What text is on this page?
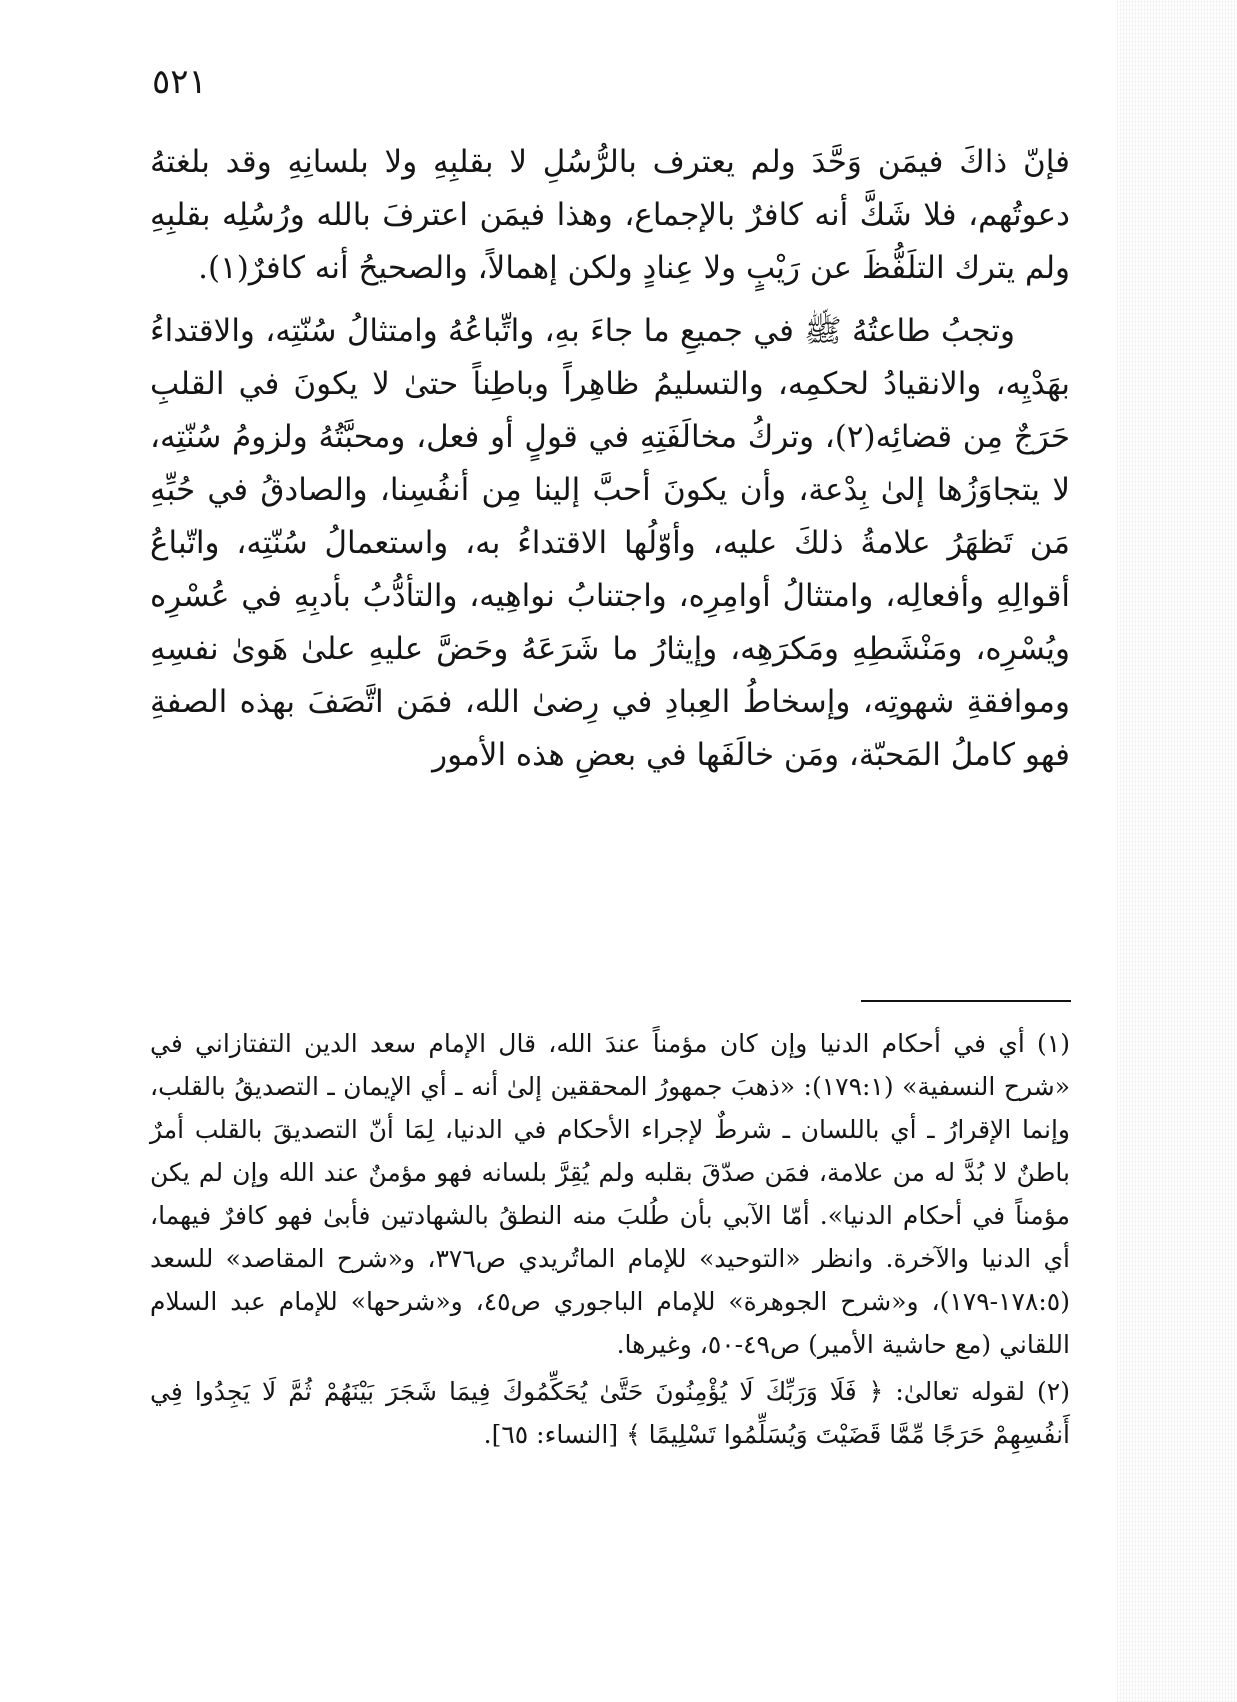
٥٢١

فإنّ ذاكَ فيمَن وَحَّدَ ولم يعترف بالرُّسُلِ لا بقلبِهِ ولا بلسانِهِ وقد بلغتهُ دعوتُهم، فلا شَكَّ أنه كافرٌ بالإجماع، وهذا فيمَن اعترفَ بالله ورُسُلِه بقلبِهِ ولم يترك التلَفُّظَ عن رَيْبٍ ولا عِنادٍ ولكن إهمالاً، والصحيحُ أنه كافرٌ(١).

وتجبُ طاعتُهُ ﷺ في جميعِ ما جاءَ بهِ، واتِّباعُهُ وامتثالُ سُنّتِه، والاقتداءُ بهَدْيِه، والانقيادُ لحكمِه، والتسليمُ ظاهِراً وباطِناً حتىٰ لا يكونَ في القلبِ حَرَجٌ مِن قضائِه(٢)، وتركُ مخالَفَتِهِ في قولٍ أو فعل، ومحبَّتُهُ ولزومُ سُنّتِه، لا يتجاوَزُها إلىٰ بِدْعة، وأن يكونَ أحبَّ إلينا مِن أنفُسِنا، والصادقُ في حُبِّهِ مَن تَظهَرُ علامةُ ذلكَ عليه، وأوّلُها الاقتداءُ به، واستعمالُ سُنّتِه، واتّباعُ أقوالِهِ وأفعالِه، وامتثالُ أوامِرِه، واجتنابُ نواهِيه، والتأدُّبُ بأدبِهِ في عُسْرِه ويُسْرِه، ومَنْشَطِهِ ومَكرَهِه، وإيثارُ ما شَرَعَهُ وحَضَّ عليهِ علىٰ هَوىٰ نفسِهِ وموافقةِ شهوتِه، وإسخاطُ العِبادِ في رِضىٰ الله، فمَن اتَّصَفَ بهذه الصفةِ فهو كاملُ المَحبّة، ومَن خالَفَها في بعضِ هذه الأمور

(١) أي في أحكام الدنيا وإن كان مؤمناً عندَ الله، قال الإمام سعد الدين التفتازاني في «شرح النسفية» (١٧٩:١): «ذهبَ جمهورُ المحققين إلىٰ أنه ـ أي الإيمان ـ التصديقُ بالقلب، وإنما الإقرارُ ـ أي باللسان ـ شرطٌ لإجراء الأحكام في الدنيا، لِمَا أنّ التصديقَ بالقلب أمرٌ باطنٌ لا بُدَّ له من علامة، فمَن صدّقَ بقلبه ولم يُقِرَّ بلسانه فهو مؤمنٌ عند الله وإن لم يكن مؤمناً في أحكام الدنيا». أمّا الآبي بأن طُلبَ منه النطقُ بالشهادتين فأبىٰ فهو كافرٌ فيهما، أي الدنيا والآخرة. وانظر «التوحيد» للإمام الماتُريدي ص٣٧٦، و«شرح المقاصد» للسعد (١٧٨:٥-١٧٩)، و«شرح الجوهرة» للإمام الباجوري ص٤٥، و«شرحها» للإمام عبد السلام اللقاني (مع حاشية الأمير) ص٤٩-٥٠، وغيرها.

(٢) لقوله تعالىٰ: ﴿ فَلَا وَرَبِّكَ لَا يُؤْمِنُونَ حَتَّىٰ يُحَكِّمُوكَ فِيمَا شَجَرَ بَيْنَهُمْ ثُمَّ لَا يَجِدُوا فِي أَنفُسِهِمْ حَرَجًا مِّمَّا قَضَيْتَ وَيُسَلِّمُوا تَسْلِيمًا ﴾ [النساء: ٦٥].
